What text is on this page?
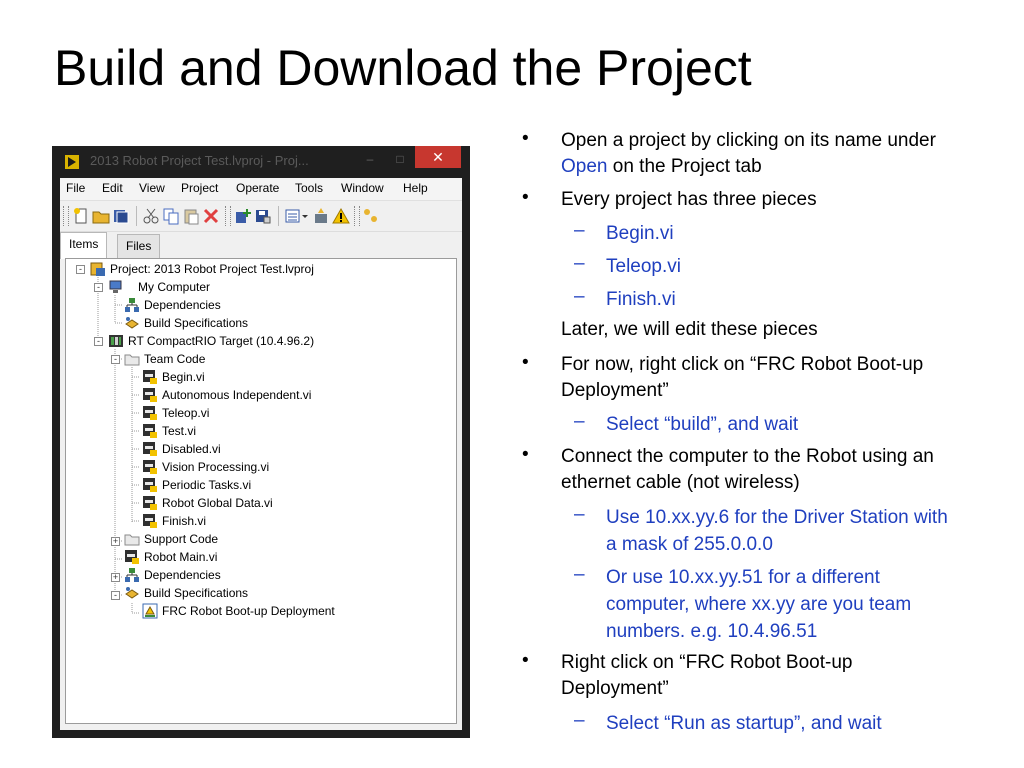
Build and Download the Project
2013 Robot Project Test.lvproj - Proj...	–	□	✕
File Edit View Project Operate Tools Window Help
Items	Files
-
-
-
-
+
+
-
Project: 2013 Robot Project Test.lvproj
My Computer
Dependencies
Build Specifications
RT CompactRIO Target (10.4.96.2)
Team Code
Begin.vi
Autonomous Independent.vi
Teleop.vi
Test.vi
Disabled.vi
Vision Processing.vi
Periodic Tasks.vi
Robot Global Data.vi
Finish.vi
Support Code
Robot Main.vi
Dependencies
Build Specifications
FRC Robot Boot-up Deployment
• Open a project by clicking on its name under Open on the Project tab
• Every project has three pieces
– Begin.vi
– Teleop.vi
– Finish.vi
Later, we will edit these pieces
• For now, right click on “FRC Robot Boot-up Deployment”
– Select “build”, and wait
• Connect the computer to the Robot using an ethernet cable (not wireless)
– Use 10.xx.yy.6 for the Driver Station with a mask of 255.0.0.0
– Or use 10.xx.yy.51 for a different computer, where xx.yy are you team numbers. e.g. 10.4.96.51
• Right click on “FRC Robot Boot-up Deployment”
– Select “Run as startup”, and wait
